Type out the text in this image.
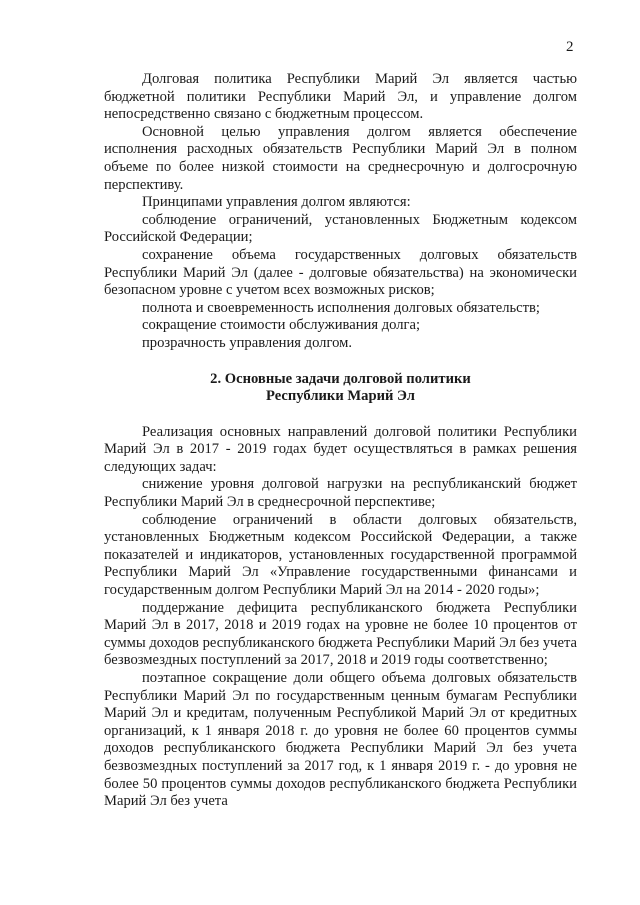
2

Долговая политика Республики Марий Эл является частью бюджетной политики Республики Марий Эл, и управление долгом непосредственно связано с бюджетным процессом.

Основной целью управления долгом является обеспечение исполнения расходных обязательств Республики Марий Эл в полном объеме по более низкой стоимости на среднесрочную и долгосрочную перспективу.

Принципами управления долгом являются:

соблюдение ограничений, установленных Бюджетным кодексом Российской Федерации;

сохранение объема государственных долговых обязательств Республики Марий Эл (далее - долговые обязательства) на экономически безопасном уровне с учетом всех возможных рисков;

полнота и своевременность исполнения долговых обязательств;

сокращение стоимости обслуживания долга;

прозрачность управления долгом.

2. Основные задачи долговой политики

Республики Марий Эл

Реализация основных направлений долговой политики Республики Марий Эл в 2017 - 2019 годах будет осуществляться в рамках решения следующих задач:

снижение уровня долговой нагрузки на республиканский бюджет Республики Марий Эл в среднесрочной перспективе;

соблюдение ограничений в области долговых обязательств, установленных Бюджетным кодексом Российской Федерации, а также показателей и индикаторов, установленных государственной программой Республики Марий Эл «Управление государственными финансами и государственным долгом Республики Марий Эл на 2014 - 2020 годы»;

поддержание дефицита республиканского бюджета Республики Марий Эл в 2017, 2018 и 2019 годах на уровне не более 10 процентов от суммы доходов республиканского бюджета Республики Марий Эл без учета безвозмездных поступлений за 2017, 2018 и 2019 годы соответственно;

поэтапное сокращение доли общего объема долговых обязательств Республики Марий Эл по государственным ценным бумагам Республики Марий Эл и кредитам, полученным Республикой Марий Эл от кредитных организаций, к 1 января 2018 г. до уровня не более 60 процентов суммы доходов республиканского бюджета Республики Марий Эл без учета безвозмездных поступлений за 2017 год, к 1 января 2019 г. - до уровня не более 50 процентов суммы доходов республиканского бюджета Республики Марий Эл без учета
